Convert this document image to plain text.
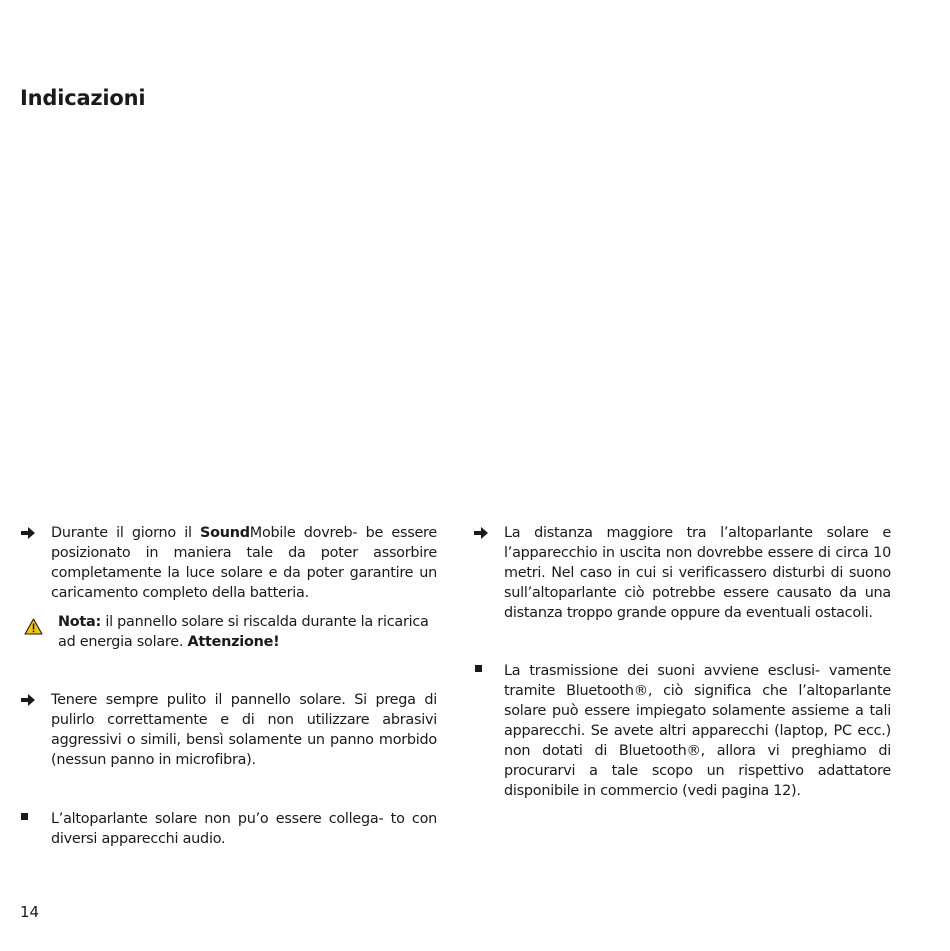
Indicazioni

Durante il giorno il SoundMobile dovreb- be essere posizionato in maniera tale da poter assorbire completamente la luce solare e da poter garantire un caricamento completo della batteria.

Nota: il pannello solare si riscalda durante la ricarica ad energia solare. Attenzione!

Tenere sempre pulito il pannello solare. Si prega di pulirlo correttamente e di non utilizzare abrasivi aggressivi o simili, bensì solamente un panno morbido (nessun panno in microfibra).

L’altoparlante solare non pu’o essere collega- to con diversi apparecchi audio.

La distanza maggiore tra l’altoparlante solare e l’apparecchio in uscita non dovrebbe essere di circa 10 metri. Nel caso in cui si verificassero disturbi di suono sull’altoparlante ciò potrebbe essere causato da una distanza troppo grande oppure da eventuali ostacoli.

La trasmissione dei suoni avviene esclusi- vamente tramite Bluetooth®, ciò significa che l’altoparlante solare può essere impiegato solamente assieme a tali apparecchi. Se avete altri apparecchi (laptop, PC ecc.) non dotati di Bluetooth®, allora vi preghiamo di procurarvi a tale scopo un rispettivo adattatore disponibile in commercio (vedi pagina 12).

14
